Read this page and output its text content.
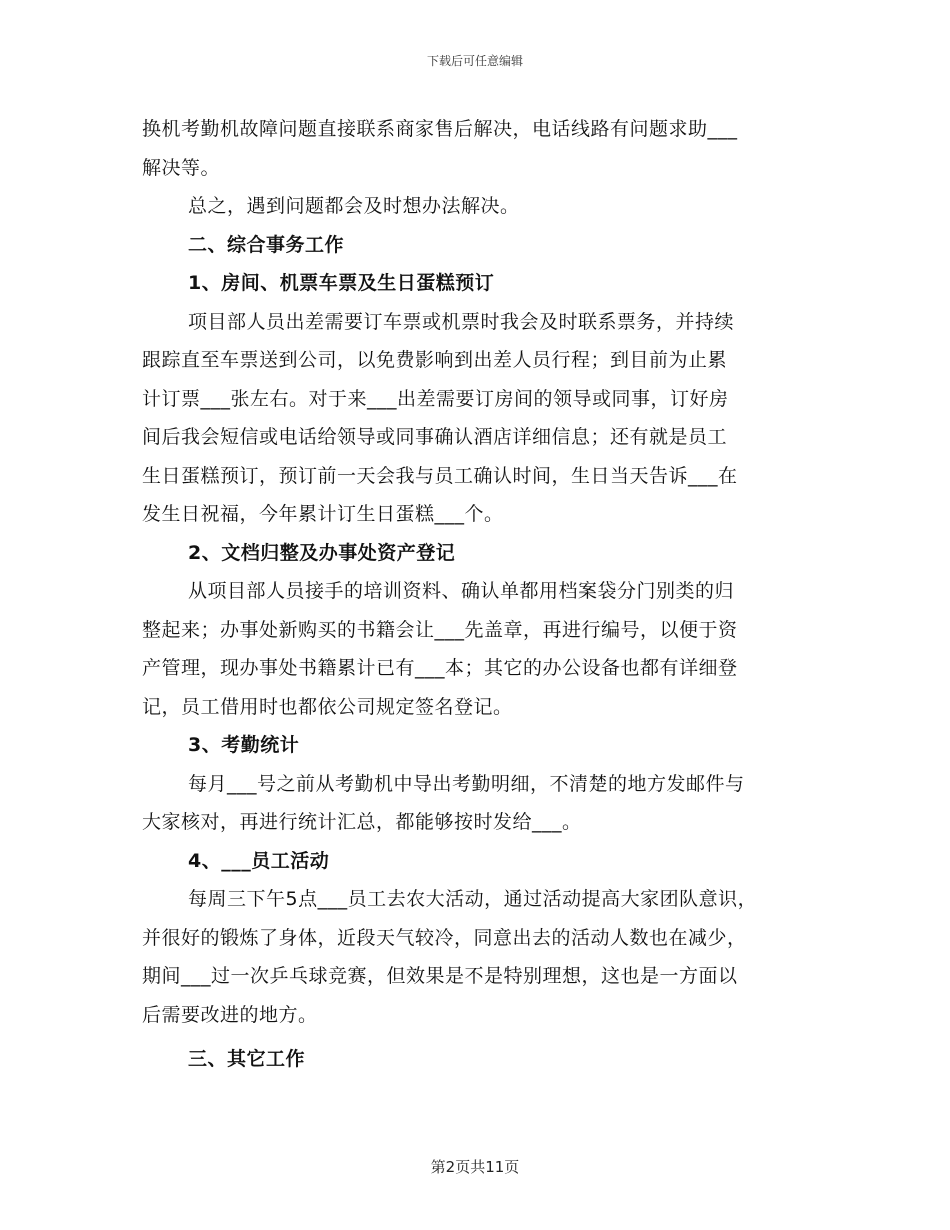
下载后可任意编辑
换机考勤机故障问题直接联系商家售后解决，电话线路有问题求助___
解决等。
总之，遇到问题都会及时想办法解决。
二、综合事务工作
1、房间、机票车票及生日蛋糕预订
项目部人员出差需要订车票或机票时我会及时联系票务，并持续
跟踪直至车票送到公司，以免费影响到出差人员行程；到目前为止累
计订票___张左右。对于来___出差需要订房间的领导或同事，订好房
间后我会短信或电话给领导或同事确认酒店详细信息；还有就是员工
生日蛋糕预订，预订前一天会我与员工确认时间，生日当天告诉___在
发生日祝福，今年累计订生日蛋糕___个。
2、文档归整及办事处资产登记
从项目部人员接手的培训资料、确认单都用档案袋分门别类的归
整起来；办事处新购买的书籍会让___先盖章，再进行编号，以便于资
产管理，现办事处书籍累计已有___本；其它的办公设备也都有详细登
记，员工借用时也都依公司规定签名登记。
3、考勤统计
每月___号之前从考勤机中导出考勤明细，不清楚的地方发邮件与
大家核对，再进行统计汇总，都能够按时发给___。
4、___员工活动
每周三下午5点___员工去农大活动，通过活动提高大家团队意识，
并很好的锻炼了身体，近段天气较冷，同意出去的活动人数也在减少，
期间___过一次乒乓球竞赛，但效果是不是特别理想，这也是一方面以
后需要改进的地方。
三、其它工作
第2页共11页
